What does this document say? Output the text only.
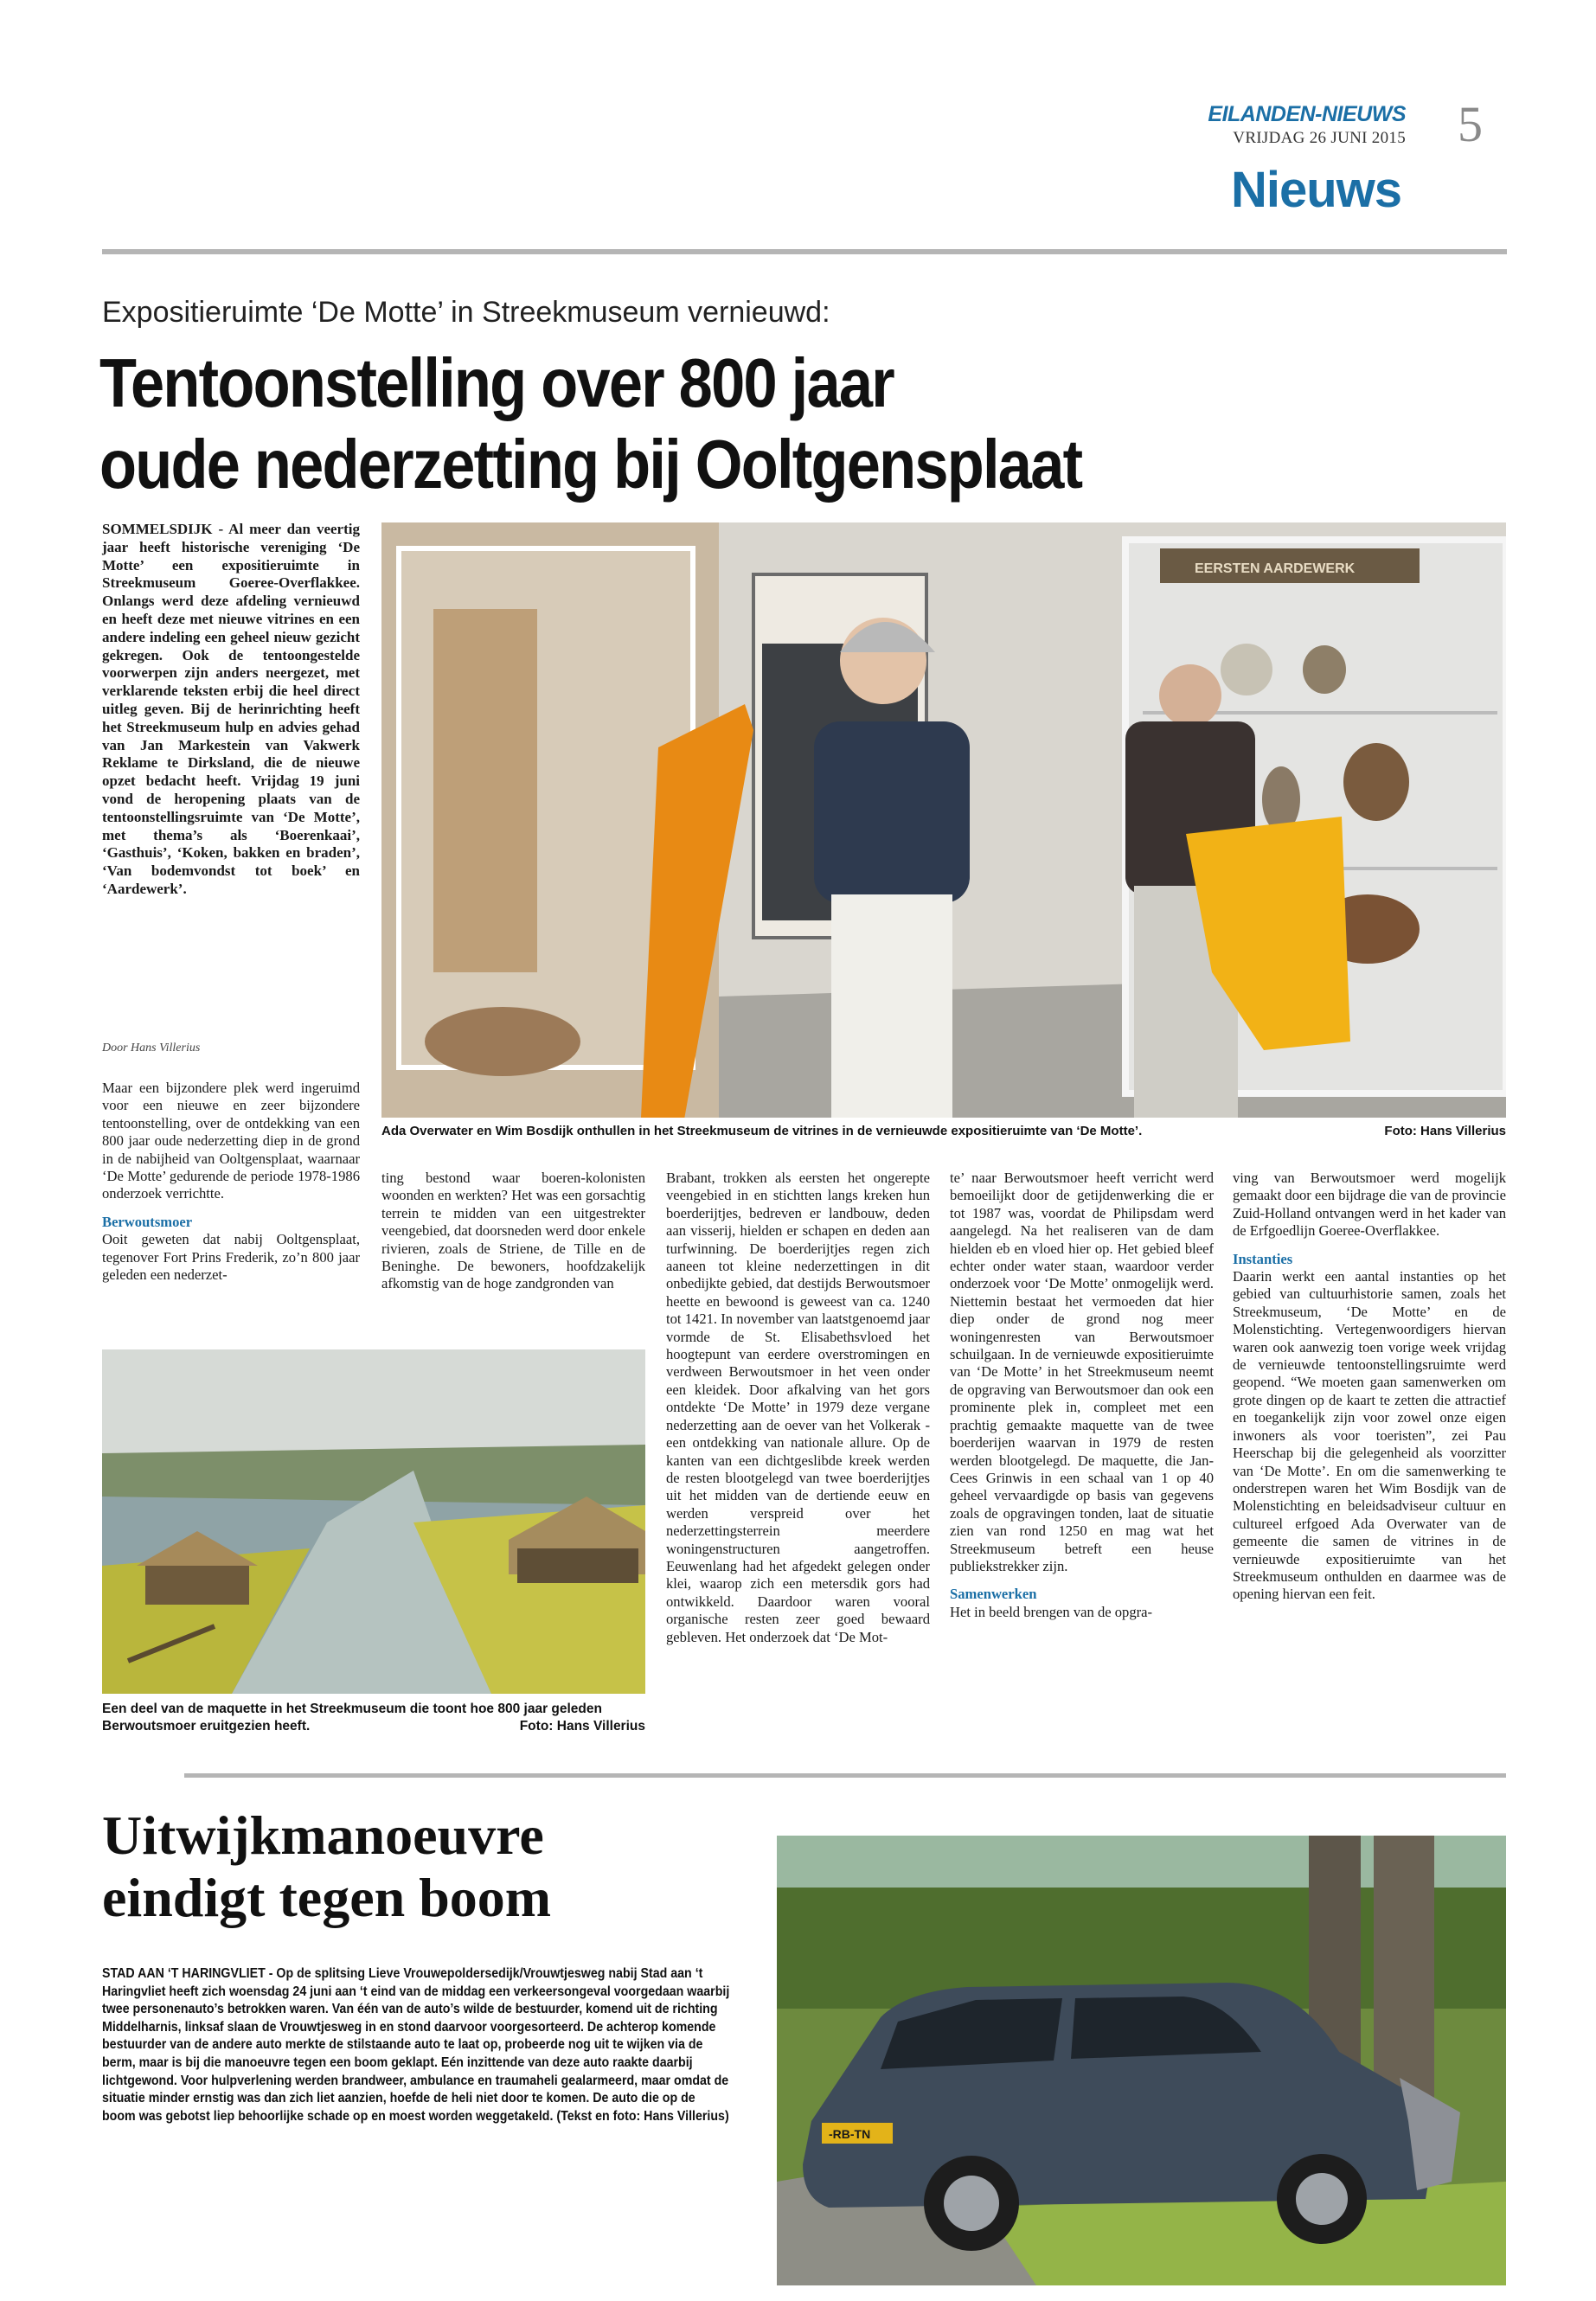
EILANDEN-NIEUWS
VRIJDAG 26 JUNI 2015 5
Nieuws
Expositieruimte ‘De Motte’ in Streekmuseum vernieuwd:
Tentoonstelling over 800 jaar
oude nederzetting bij Ooltgensplaat
SOMMELSDIJK - Al meer dan veertig jaar heeft historische vereniging ‘De Motte’ een expositieruimte in Streekmuseum Goeree-Overflakkee. Onlangs werd deze afdeling vernieuwd en heeft deze met nieuwe vitrines en een andere indeling een geheel nieuw gezicht gekregen. Ook de tentoongestelde voorwerpen zijn anders neergezet, met verklarende teksten erbij die heel direct uitleg geven. Bij de herinrichting heeft het Streekmuseum hulp en advies gehad van Jan Markestein van Vakwerk Reklame te Dirksland, die de nieuwe opzet bedacht heeft. Vrijdag 19 juni vond de heropening plaats van de tentoonstellingsruimte van ‘De Motte’, met thema’s als ‘Boerenkaai’, ‘Gasthuis’, ‘Koken, bakken en braden’, ‘Van bodemvondst tot boek’ en ‘Aardewerk’.
Door Hans Villerius
EERSTEN AARDEWERK
Ada Overwater en Wim Bosdijk onthullen in het Streekmuseum de vitrines in de vernieuwde expositieruimte van ‘De Motte’.	Foto: Hans Villerius

Maar een bijzondere plek werd ingeruimd voor een nieuwe en zeer bijzondere tentoonstelling, over de ontdekking van een 800 jaar oude nederzetting diep in de grond in de nabijheid van Ooltgensplaat, waarnaar ‘De Motte’ gedurende de periode 1978-1986 onderzoek verrichtte.

Berwoutsmoer

Ooit geweten dat nabij Ooltgensplaat, tegenover Fort Prins Frederik, zo’n 800 jaar geleden een nederzet-

ting bestond waar boeren-kolonisten woonden en werkten? Het was een gorsachtig terrein te midden van een uitgestrekter veengebied, dat doorsneden werd door enkele rivieren, zoals de Striene, de Tille en de Beninghe. De bewoners, hoofdzakelijk afkomstig van de hoge zandgronden van

Brabant, trokken als eersten het ongerepte veengebied in en stichtten langs kreken hun boerderijtjes, bedreven er landbouw, deden aan visserij, hielden er schapen en deden aan turfwinning. De boerderijtjes regen zich aaneen tot kleine nederzettingen in dit onbedijkte gebied, dat destijds Berwoutsmoer heette en bewoond is geweest van ca. 1240 tot 1421. In november van laatstgenoemd jaar vormde de St. Elisabethsvloed het hoogtepunt van eerdere overstromingen en verdween Berwoutsmoer in het veen onder een kleidek. Door afkalving van het gors ontdekte ‘De Motte’ in 1979 deze vergane nederzetting aan de oever van het Volkerak - een ontdekking van nationale allure. Op de kanten van een dichtgeslibde kreek werden de resten blootgelegd van twee boerderijtjes uit het midden van de dertiende eeuw en werden verspreid over het nederzettingsterrein meerdere woningenstructuren aangetroffen. Eeuwenlang had het afgedekt gelegen onder klei, waarop zich een metersdik gors had ontwikkeld. Daardoor waren vooral organische resten zeer goed bewaard gebleven. Het onderzoek dat ‘De Mot-

te’ naar Berwoutsmoer heeft verricht werd bemoeilijkt door de getijdenwerking die er tot 1987 was, voordat de Philipsdam werd aangelegd. Na het realiseren van de dam hielden eb en vloed hier op. Het gebied bleef echter onder water staan, waardoor verder onderzoek voor ‘De Motte’ onmogelijk werd. Niettemin bestaat het vermoeden dat hier diep onder de grond nog meer woningenresten van Berwoutsmoer schuilgaan. In de vernieuwde expositieruimte van ‘De Motte’ in het Streekmuseum neemt de opgraving van Berwoutsmoer dan ook een prominente plek in, compleet met een prachtig gemaakte maquette van de twee boerderijen waarvan in 1979 de resten werden blootgelegd. De maquette, die Jan-Cees Grinwis in een schaal van 1 op 40 geheel vervaardigde op basis van gegevens zoals de opgravingen tonden, laat de situatie zien van rond 1250 en mag wat het Streekmuseum betreft een heuse publiekstrekker zijn.

Samenwerken

Het in beeld brengen van de opgra-

ving van Berwoutsmoer werd mogelijk gemaakt door een bijdrage die van de provincie Zuid-Holland ontvangen werd in het kader van de Erfgoedlijn Goeree-Overflakkee.

Instanties

Daarin werkt een aantal instanties op het gebied van cultuurhistorie samen, zoals het Streekmuseum, ‘De Motte’ en de Molenstichting. Vertegenwoordigers hiervan waren ook aanwezig toen vorige week vrijdag de vernieuwde tentoonstellingsruimte werd geopend. “We moeten gaan samenwerken om grote dingen op de kaart te zetten die attractief en toegankelijk zijn voor zowel onze eigen inwoners als voor toeristen”, zei Pau Heerschap bij die gelegenheid als voorzitter van ‘De Motte’. En om die samenwerking te onderstrepen waren het Wim Bosdijk van de Molenstichting en beleidsadviseur cultuur en cultureel erfgoed Ada Overwater van de gemeente die samen de vitrines in de vernieuwde expositieruimte van het Streekmuseum onthulden en daarmee was de opening hiervan een feit.

Een deel van de maquette in het Streekmuseum die toont hoe 800 jaar geleden
Berwoutsmoer eruitgezien heeft.	Foto: Hans Villerius
Uitwijkmanoeuvre
eindigt tegen boom
STAD AAN ‘T HARINGVLIET - Op de splitsing Lieve Vrouwepoldersedijk/Vrouwtjesweg nabij Stad aan ‘t Haringvliet heeft zich woensdag 24 juni aan ‘t eind van de middag een verkeersongeval voorgedaan waarbij twee personenauto’s betrokken waren. Van één van de auto’s wilde de bestuurder, komend uit de richting Middelharnis, linksaf slaan de Vrouwtjesweg in en stond daarvoor voorgesorteerd. De achterop komende bestuurder van de andere auto merkte de stilstaande auto te laat op, probeerde nog uit te wijken via de berm, maar is bij die manoeuvre tegen een boom geklapt. Eén inzittende van deze auto raakte daarbij lichtgewond. Voor hulpverlening werden brandweer, ambulance en traumaheli gealarmeerd, maar omdat de situatie minder ernstig was dan zich liet aanzien, hoefde de heli niet door te komen. De auto die op de boom was gebotst liep behoorlijke schade op en moest worden weggetakeld. (Tekst en foto: Hans Villerius)
-RB-TN
